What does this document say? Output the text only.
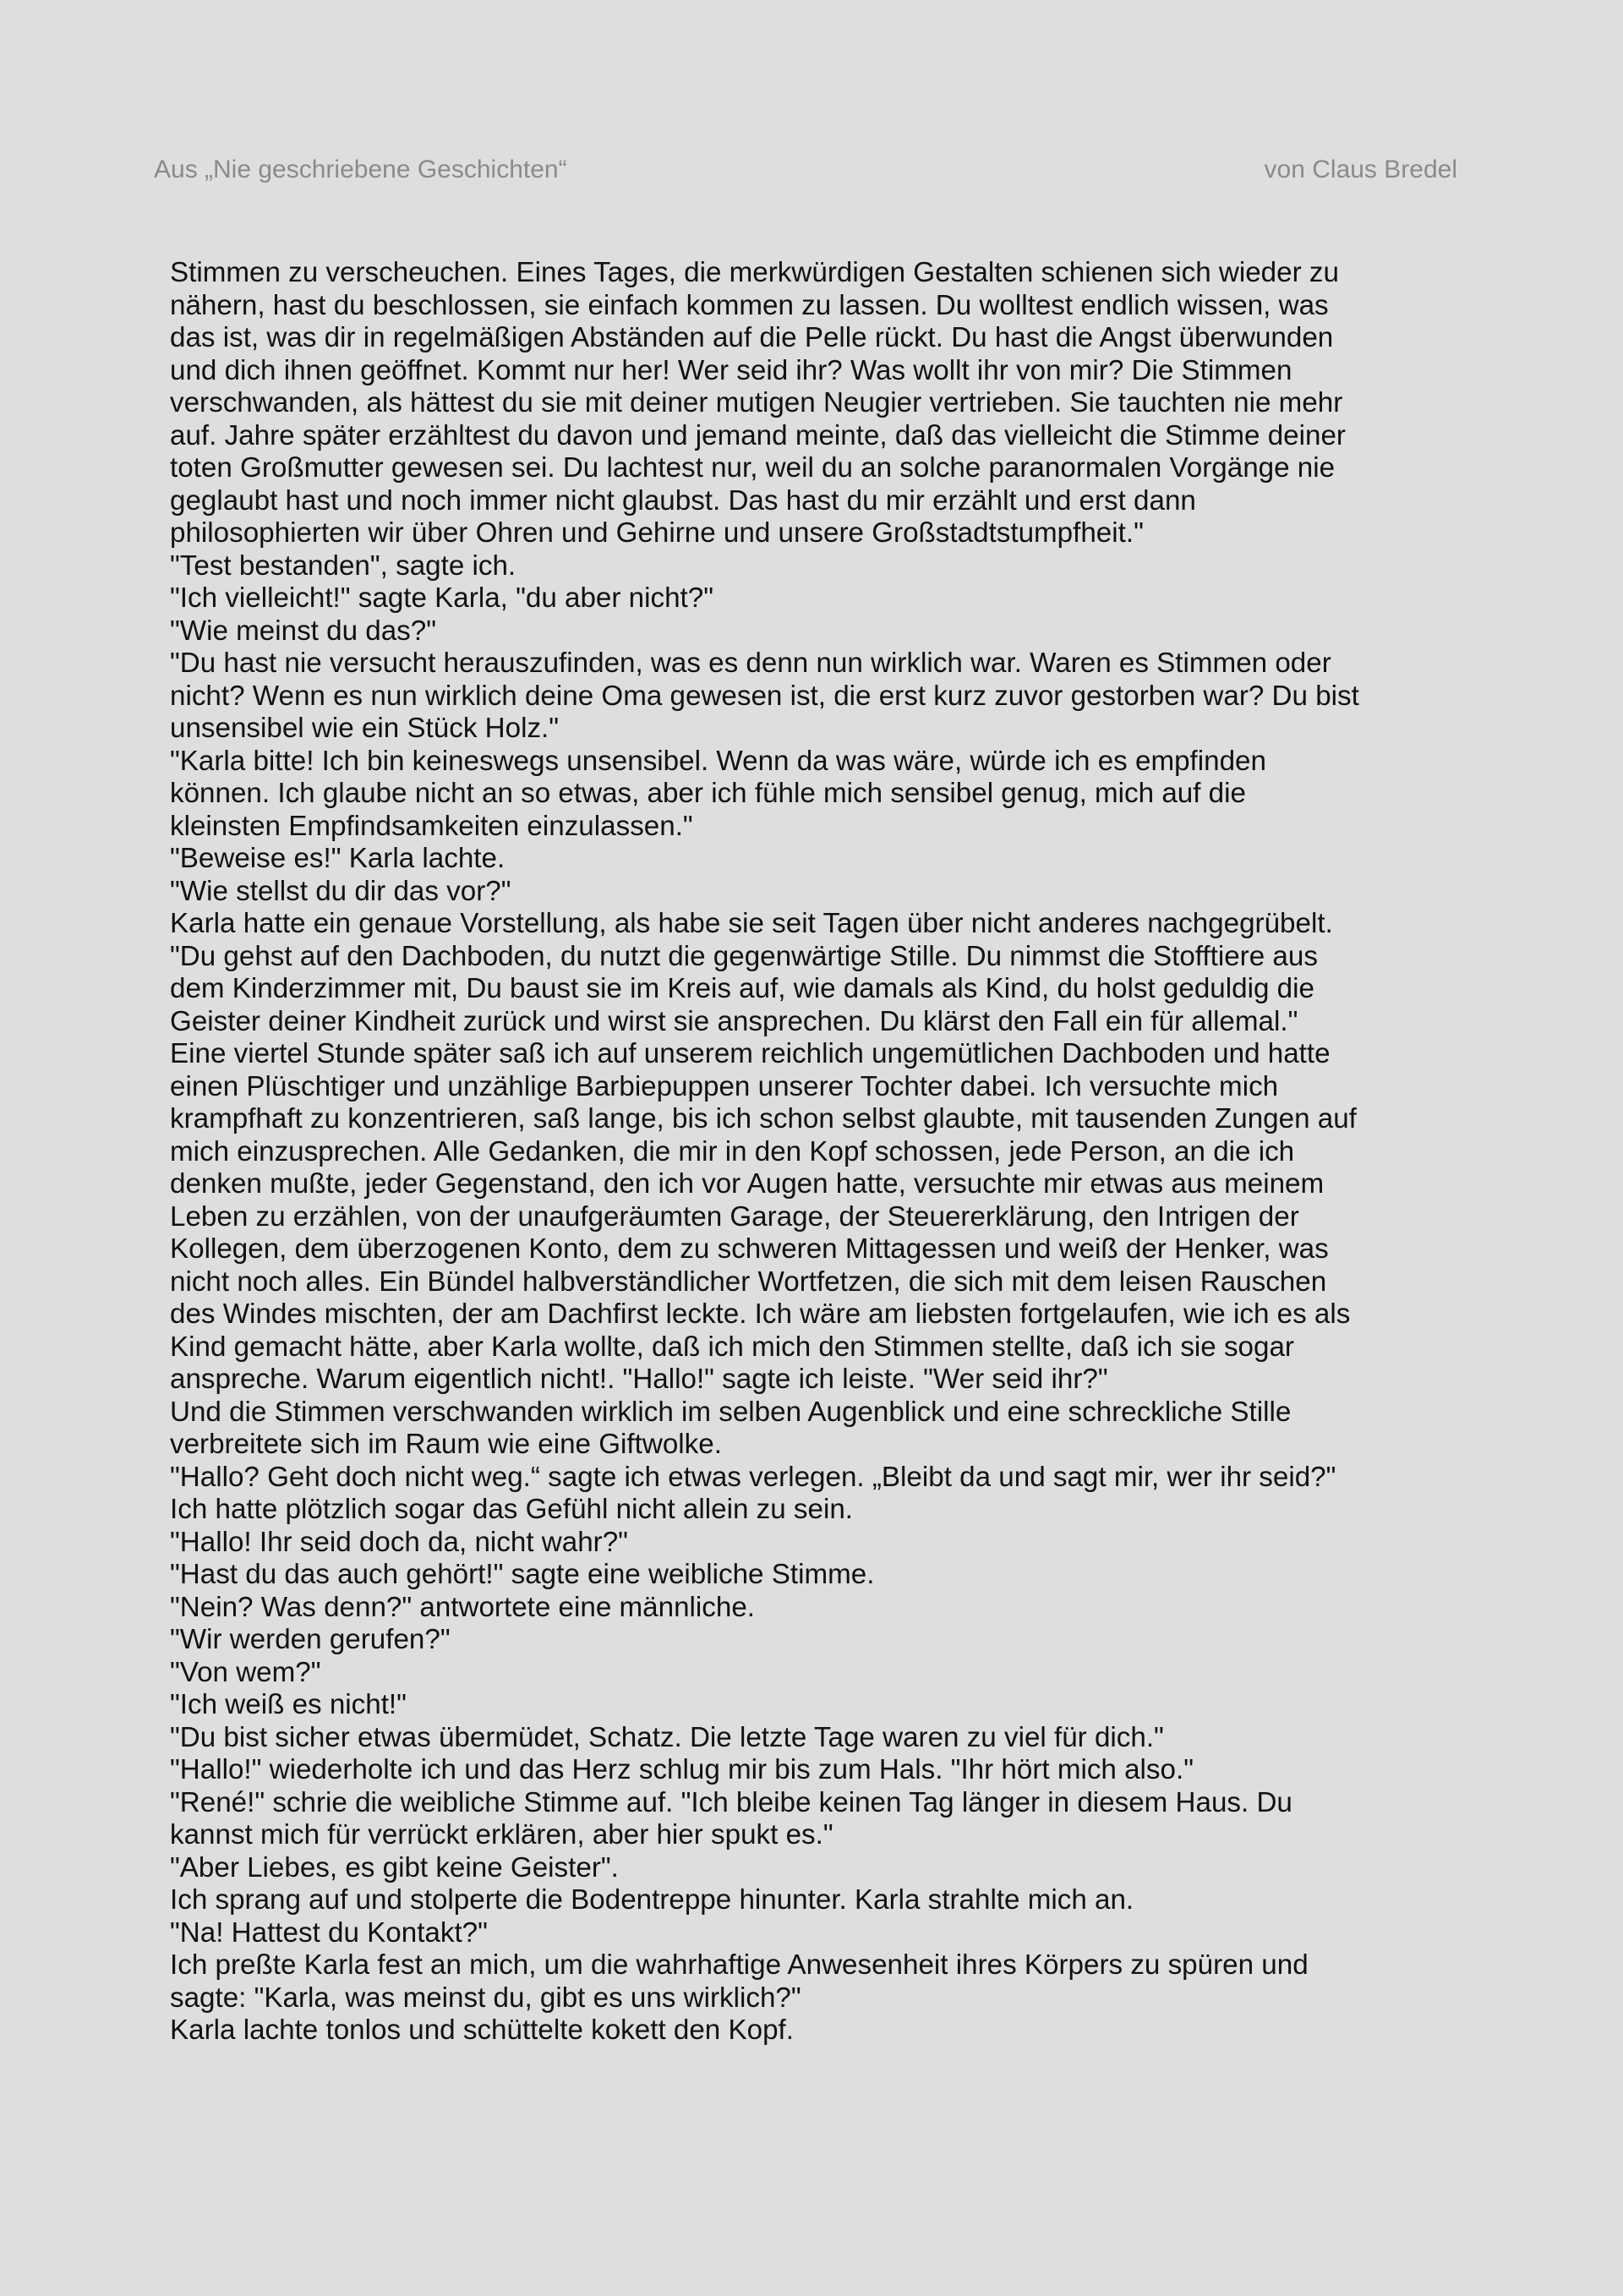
Aus „Nie geschriebene Geschichten“	von Claus Bredel
Stimmen zu verscheuchen. Eines Tages, die merkwürdigen Gestalten schienen sich wieder zu
nähern, hast du beschlossen, sie einfach kommen zu lassen. Du wolltest endlich wissen, was
das ist, was dir in regelmäßigen Abständen auf die Pelle rückt. Du hast die Angst überwunden
und dich ihnen geöffnet. Kommt nur her! Wer seid ihr? Was wollt ihr von mir? Die Stimmen
verschwanden, als hättest du sie mit deiner mutigen Neugier vertrieben. Sie tauchten nie mehr
auf. Jahre später erzähltest du davon und jemand meinte, daß das vielleicht die Stimme deiner
toten Großmutter gewesen sei. Du lachtest nur, weil du an solche paranormalen Vorgänge nie
geglaubt hast und noch immer nicht glaubst. Das hast du mir erzählt und erst dann
philosophierten wir über Ohren und Gehirne und unsere Großstadtstumpfheit."
"Test bestanden", sagte ich.
"Ich vielleicht!" sagte Karla, "du aber nicht?"
"Wie meinst du das?"
"Du hast nie versucht herauszufinden, was es denn nun wirklich war. Waren es Stimmen oder
nicht? Wenn es nun wirklich deine Oma gewesen ist, die erst kurz zuvor gestorben war? Du bist
unsensibel wie ein Stück Holz."
"Karla bitte! Ich bin keineswegs unsensibel. Wenn da was wäre, würde ich es empfinden
können. Ich glaube nicht an so etwas, aber ich fühle mich sensibel genug, mich auf die
kleinsten Empfindsamkeiten einzulassen."
"Beweise es!" Karla lachte.
"Wie stellst du dir das vor?"
Karla hatte ein genaue Vorstellung, als habe sie seit Tagen über nicht anderes nachgegrübelt.
"Du gehst auf den Dachboden, du nutzt die gegenwärtige Stille. Du nimmst die Stofftiere aus
dem Kinderzimmer mit, Du baust sie im Kreis auf, wie damals als Kind, du holst geduldig die
Geister deiner Kindheit zurück und wirst sie ansprechen. Du klärst den Fall ein für allemal."
Eine viertel Stunde später saß ich auf unserem reichlich ungemütlichen Dachboden und hatte
einen Plüschtiger und unzählige Barbiepuppen unserer Tochter dabei. Ich versuchte mich
krampfhaft zu konzentrieren, saß lange, bis ich schon selbst glaubte, mit tausenden Zungen auf
mich einzusprechen. Alle Gedanken, die mir in den Kopf schossen, jede Person, an die ich
denken mußte, jeder Gegenstand, den ich vor Augen hatte, versuchte mir etwas aus meinem
Leben zu erzählen, von der unaufgeräumten Garage, der Steuererklärung, den Intrigen der
Kollegen, dem überzogenen Konto, dem zu schweren Mittagessen und weiß der Henker, was
nicht noch alles. Ein Bündel halbverständlicher Wortfetzen, die sich mit dem leisen Rauschen
des Windes mischten, der am Dachfirst leckte. Ich wäre am liebsten fortgelaufen, wie ich es als
Kind gemacht hätte, aber Karla wollte, daß ich mich den Stimmen stellte, daß ich sie sogar
anspreche. Warum eigentlich nicht!. "Hallo!" sagte ich leiste. "Wer seid ihr?"
Und die Stimmen verschwanden wirklich im selben Augenblick und eine schreckliche Stille
verbreitete sich im Raum wie eine Giftwolke.
"Hallo? Geht doch nicht weg.“ sagte ich etwas verlegen. „Bleibt da und sagt mir, wer ihr seid?"
Ich hatte plötzlich sogar das Gefühl nicht allein zu sein.
"Hallo! Ihr seid doch da, nicht wahr?"
"Hast du das auch gehört!" sagte eine weibliche Stimme.
"Nein? Was denn?" antwortete eine männliche.
"Wir werden gerufen?"
"Von wem?"
"Ich weiß es nicht!"
"Du bist sicher etwas übermüdet, Schatz. Die letzte Tage waren zu viel für dich."
"Hallo!" wiederholte ich und das Herz schlug mir bis zum Hals. "Ihr hört mich also."
"René!" schrie die weibliche Stimme auf. "Ich bleibe keinen Tag länger in diesem Haus. Du
kannst mich für verrückt erklären, aber hier spukt es."
"Aber Liebes, es gibt keine Geister".
Ich sprang auf und stolperte die Bodentreppe hinunter. Karla strahlte mich an.
"Na! Hattest du Kontakt?"
Ich preßte Karla fest an mich, um die wahrhaftige Anwesenheit ihres Körpers zu spüren und
sagte: "Karla, was meinst du, gibt es uns wirklich?"
Karla lachte tonlos und schüttelte kokett den Kopf.
